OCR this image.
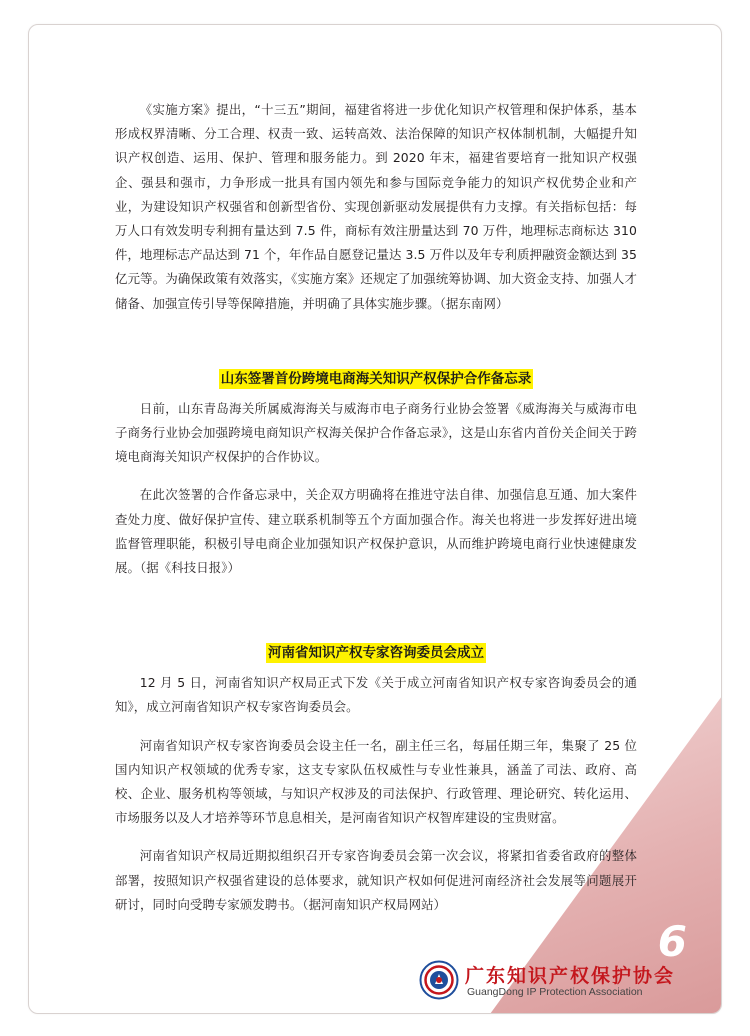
6

《实施方案》提出，“十三五”期间，福建省将进一步优化知识产权管理和保护体系，基本形成权界清晰、分工合理、权责一致、运转高效、法治保障的知识产权体制机制，大幅提升知识产权创造、运用、保护、管理和服务能力。到 2020 年末，福建省要培育一批知识产权强企、强县和强市，力争形成一批具有国内领先和参与国际竞争能力的知识产权优势企业和产业，为建设知识产权强省和创新型省份、实现创新驱动发展提供有力支撑。有关指标包括：每万人口有效发明专利拥有量达到 7.5 件，商标有效注册量达到 70 万件，地理标志商标达 310 件，地理标志产品达到 71 个，年作品自愿登记量达 3.5 万件以及年专利质押融资金额达到 35 亿元等。为确保政策有效落实，《实施方案》还规定了加强统筹协调、加大资金支持、加强人才储备、加强宣传引导等保障措施，并明确了具体实施步骤。（据东南网）

山东签署首份跨境电商海关知识产权保护合作备忘录

日前，山东青岛海关所属威海海关与威海市电子商务行业协会签署《威海海关与威海市电子商务行业协会加强跨境电商知识产权海关保护合作备忘录》，这是山东省内首份关企间关于跨境电商海关知识产权保护的合作协议。

在此次签署的合作备忘录中，关企双方明确将在推进守法自律、加强信息互通、加大案件查处力度、做好保护宣传、建立联系机制等五个方面加强合作。海关也将进一步发挥好进出境监督管理职能，积极引导电商企业加强知识产权保护意识，从而维护跨境电商行业快速健康发展。（据《科技日报》）

河南省知识产权专家咨询委员会成立

12 月 5 日，河南省知识产权局正式下发《关于成立河南省知识产权专家咨询委员会的通知》，成立河南省知识产权专家咨询委员会。

河南省知识产权专家咨询委员会设主任一名，副主任三名，每届任期三年，集聚了 25 位国内知识产权领域的优秀专家，这支专家队伍权威性与专业性兼具，涵盖了司法、政府、高校、企业、服务机构等领域，与知识产权涉及的司法保护、行政管理、理论研究、转化运用、市场服务以及人才培养等环节息息相关，是河南省知识产权智库建设的宝贵财富。

河南省知识产权局近期拟组织召开专家咨询委员会第一次会议，将紧扣省委省政府的整体部署，按照知识产权强省建设的总体要求，就知识产权如何促进河南经济社会发展等问题展开研讨，同时向受聘专家颁发聘书。（据河南知识产权局网站）

广东知识产权保护协会
GuangDong IP Protection Association
